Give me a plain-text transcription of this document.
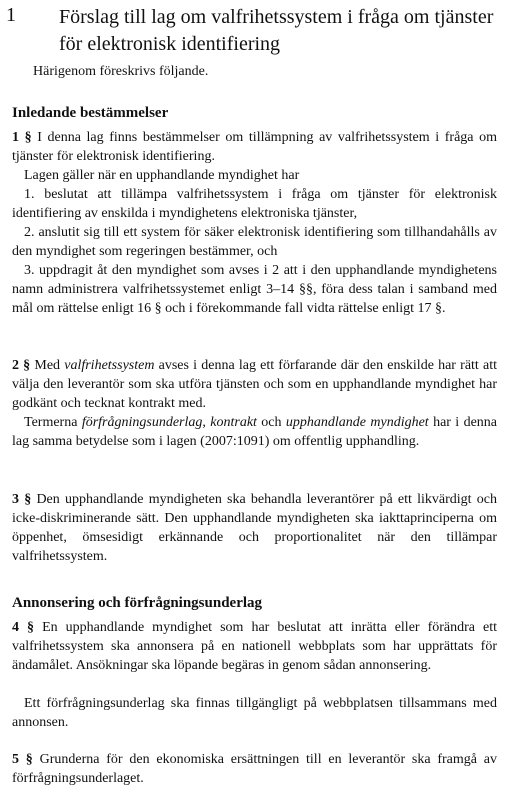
1 Förslag till lag om valfrihetssystem i fråga om tjänster för elektronisk identifiering
Härigenom föreskrivs följande.
Inledande bestämmelser
1 § I denna lag finns bestämmelser om tillämpning av valfrihetssystem i fråga om tjänster för elektronisk identifiering.
Lagen gäller när en upphandlande myndighet har
1. beslutat att tillämpa valfrihetssystem i fråga om tjänster för elektronisk identifiering av enskilda i myndighetens elektroniska tjänster,
2. anslutit sig till ett system för säker elektronisk identifiering som tillhandahålls av den myndighet som regeringen bestämmer, och
3. uppdragit åt den myndighet som avses i 2 att i den upphandlande myndighetens namn administrera valfrihetssystemet enligt 3–14 §§, föra dess talan i samband med mål om rättelse enligt 16 § och i förekommande fall vidta rättelse enligt 17 §.
2 § Med valfrihetssystem avses i denna lag ett förfarande där den enskilde har rätt att välja den leverantör som ska utföra tjänsten och som en upphandlande myndighet har godkänt och tecknat kontrakt med.
Termerna förfrågningsunderlag, kontrakt och upphandlande myndighet har i denna lag samma betydelse som i lagen (2007:1091) om offentlig upphandling.
3 § Den upphandlande myndigheten ska behandla leverantörer på ett likvärdigt och icke-diskriminerande sätt. Den upphandlande myndigheten ska iakttaprinciperna om öppenhet, ömsesidigt erkännande och proportionalitet när den tillämpar valfrihetssystem.
Annonsering och förfrågningsunderlag
4 § En upphandlande myndighet som har beslutat att inrätta eller förändra ett valfrihetssystem ska annonsera på en nationell webbplats som har upprättats för ändamålet. Ansökningar ska löpande begäras in genom sådan annonsering.
Ett förfrågningsunderlag ska finnas tillgängligt på webbplatsen tillsammans med annonsen.
5 § Grunderna för den ekonomiska ersättningen till en leverantör ska framgå av förfrågningsunderlaget.
